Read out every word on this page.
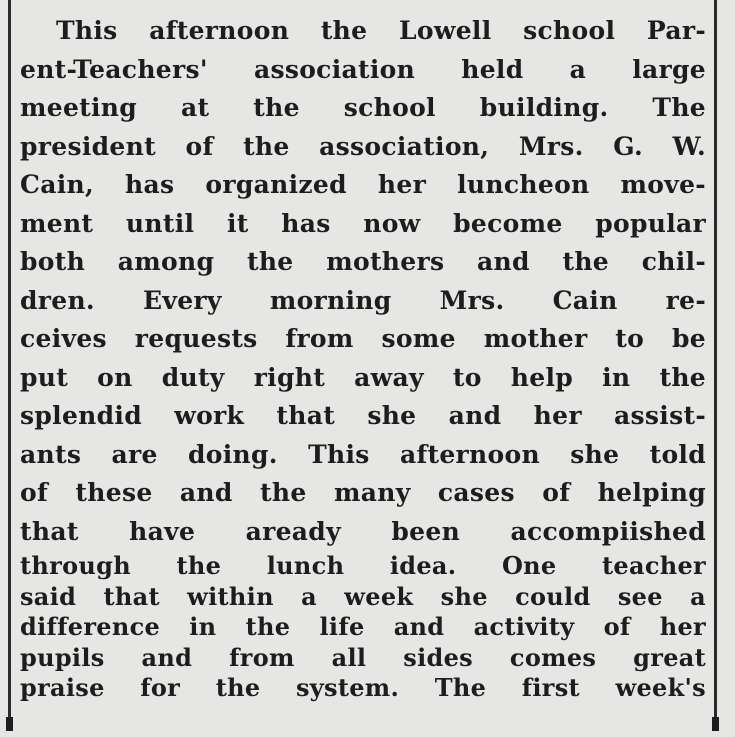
This afternoon the Lowell school Par-
ent-Teachers' association held a large
meeting at the school building. The
president of the association, Mrs. G. W.
Cain, has organized her luncheon move-
ment until it has now become popular
both among the mothers and the chil-
dren. Every morning Mrs. Cain re-
ceives requests from some mother to be
put on duty right away to help in the
splendid work that she and her assist-
ants are doing. This afternoon she told
of these and the many cases of helping
that have aready been accompiished
through the lunch idea. One teacher
said that within a week she could see a
difference in the life and activity of her
pupils and from all sides comes great
praise for the system. The first week's
